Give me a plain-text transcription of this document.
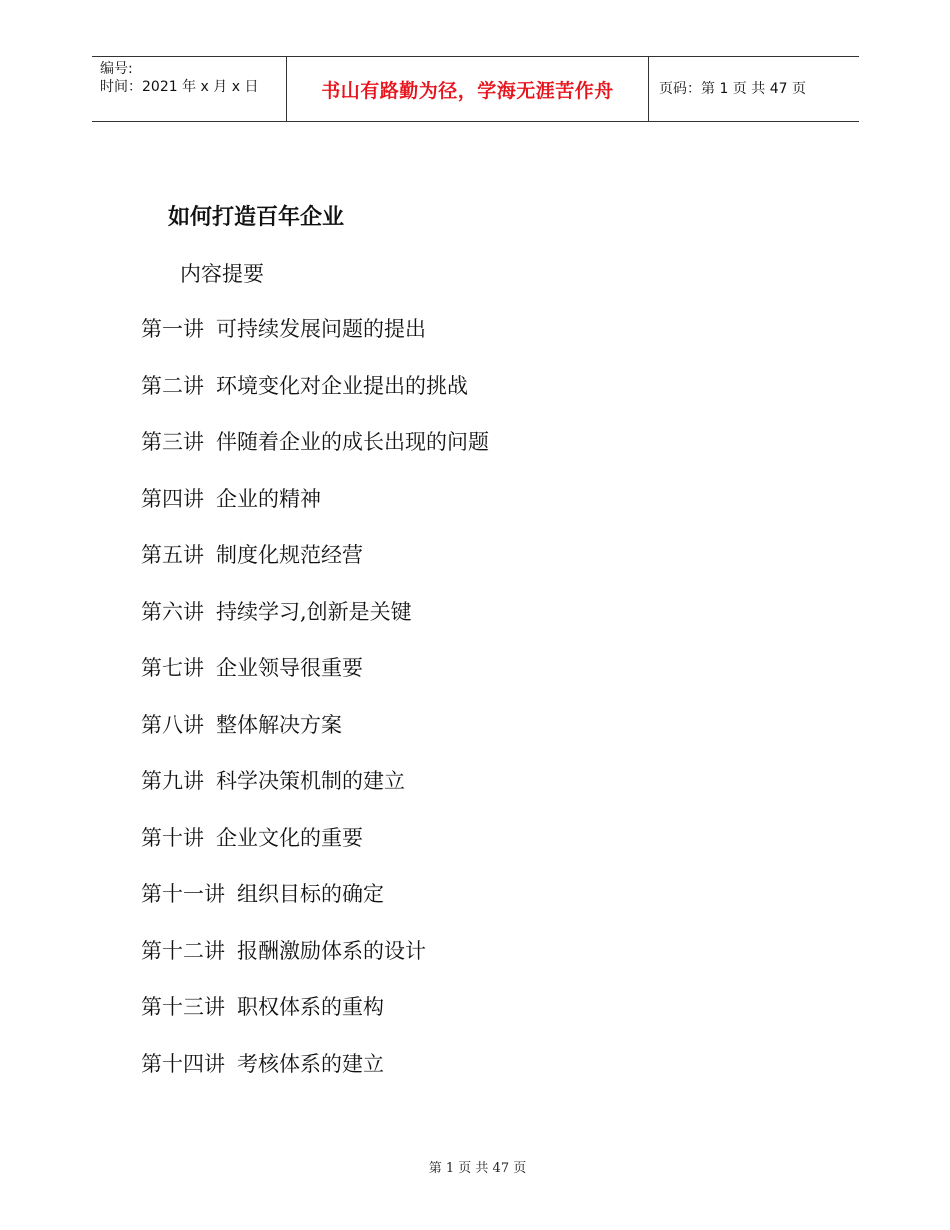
编号:
时间：2021 年 x 月 x 日	书山有路勤为径，学海无涯苦作舟	页码：第 1 页 共 47 页
如何打造百年企业
内容提要
第一讲 可持续发展问题的提出
第二讲 环境变化对企业提出的挑战
第三讲 伴随着企业的成长出现的问题
第四讲 企业的精神
第五讲 制度化规范经营
第六讲 持续学习,创新是关键
第七讲 企业领导很重要
第八讲 整体解决方案
第九讲 科学决策机制的建立
第十讲 企业文化的重要
第十一讲 组织目标的确定
第十二讲 报酬激励体系的设计
第十三讲 职权体系的重构
第十四讲 考核体系的建立
第 1 页 共 47 页
